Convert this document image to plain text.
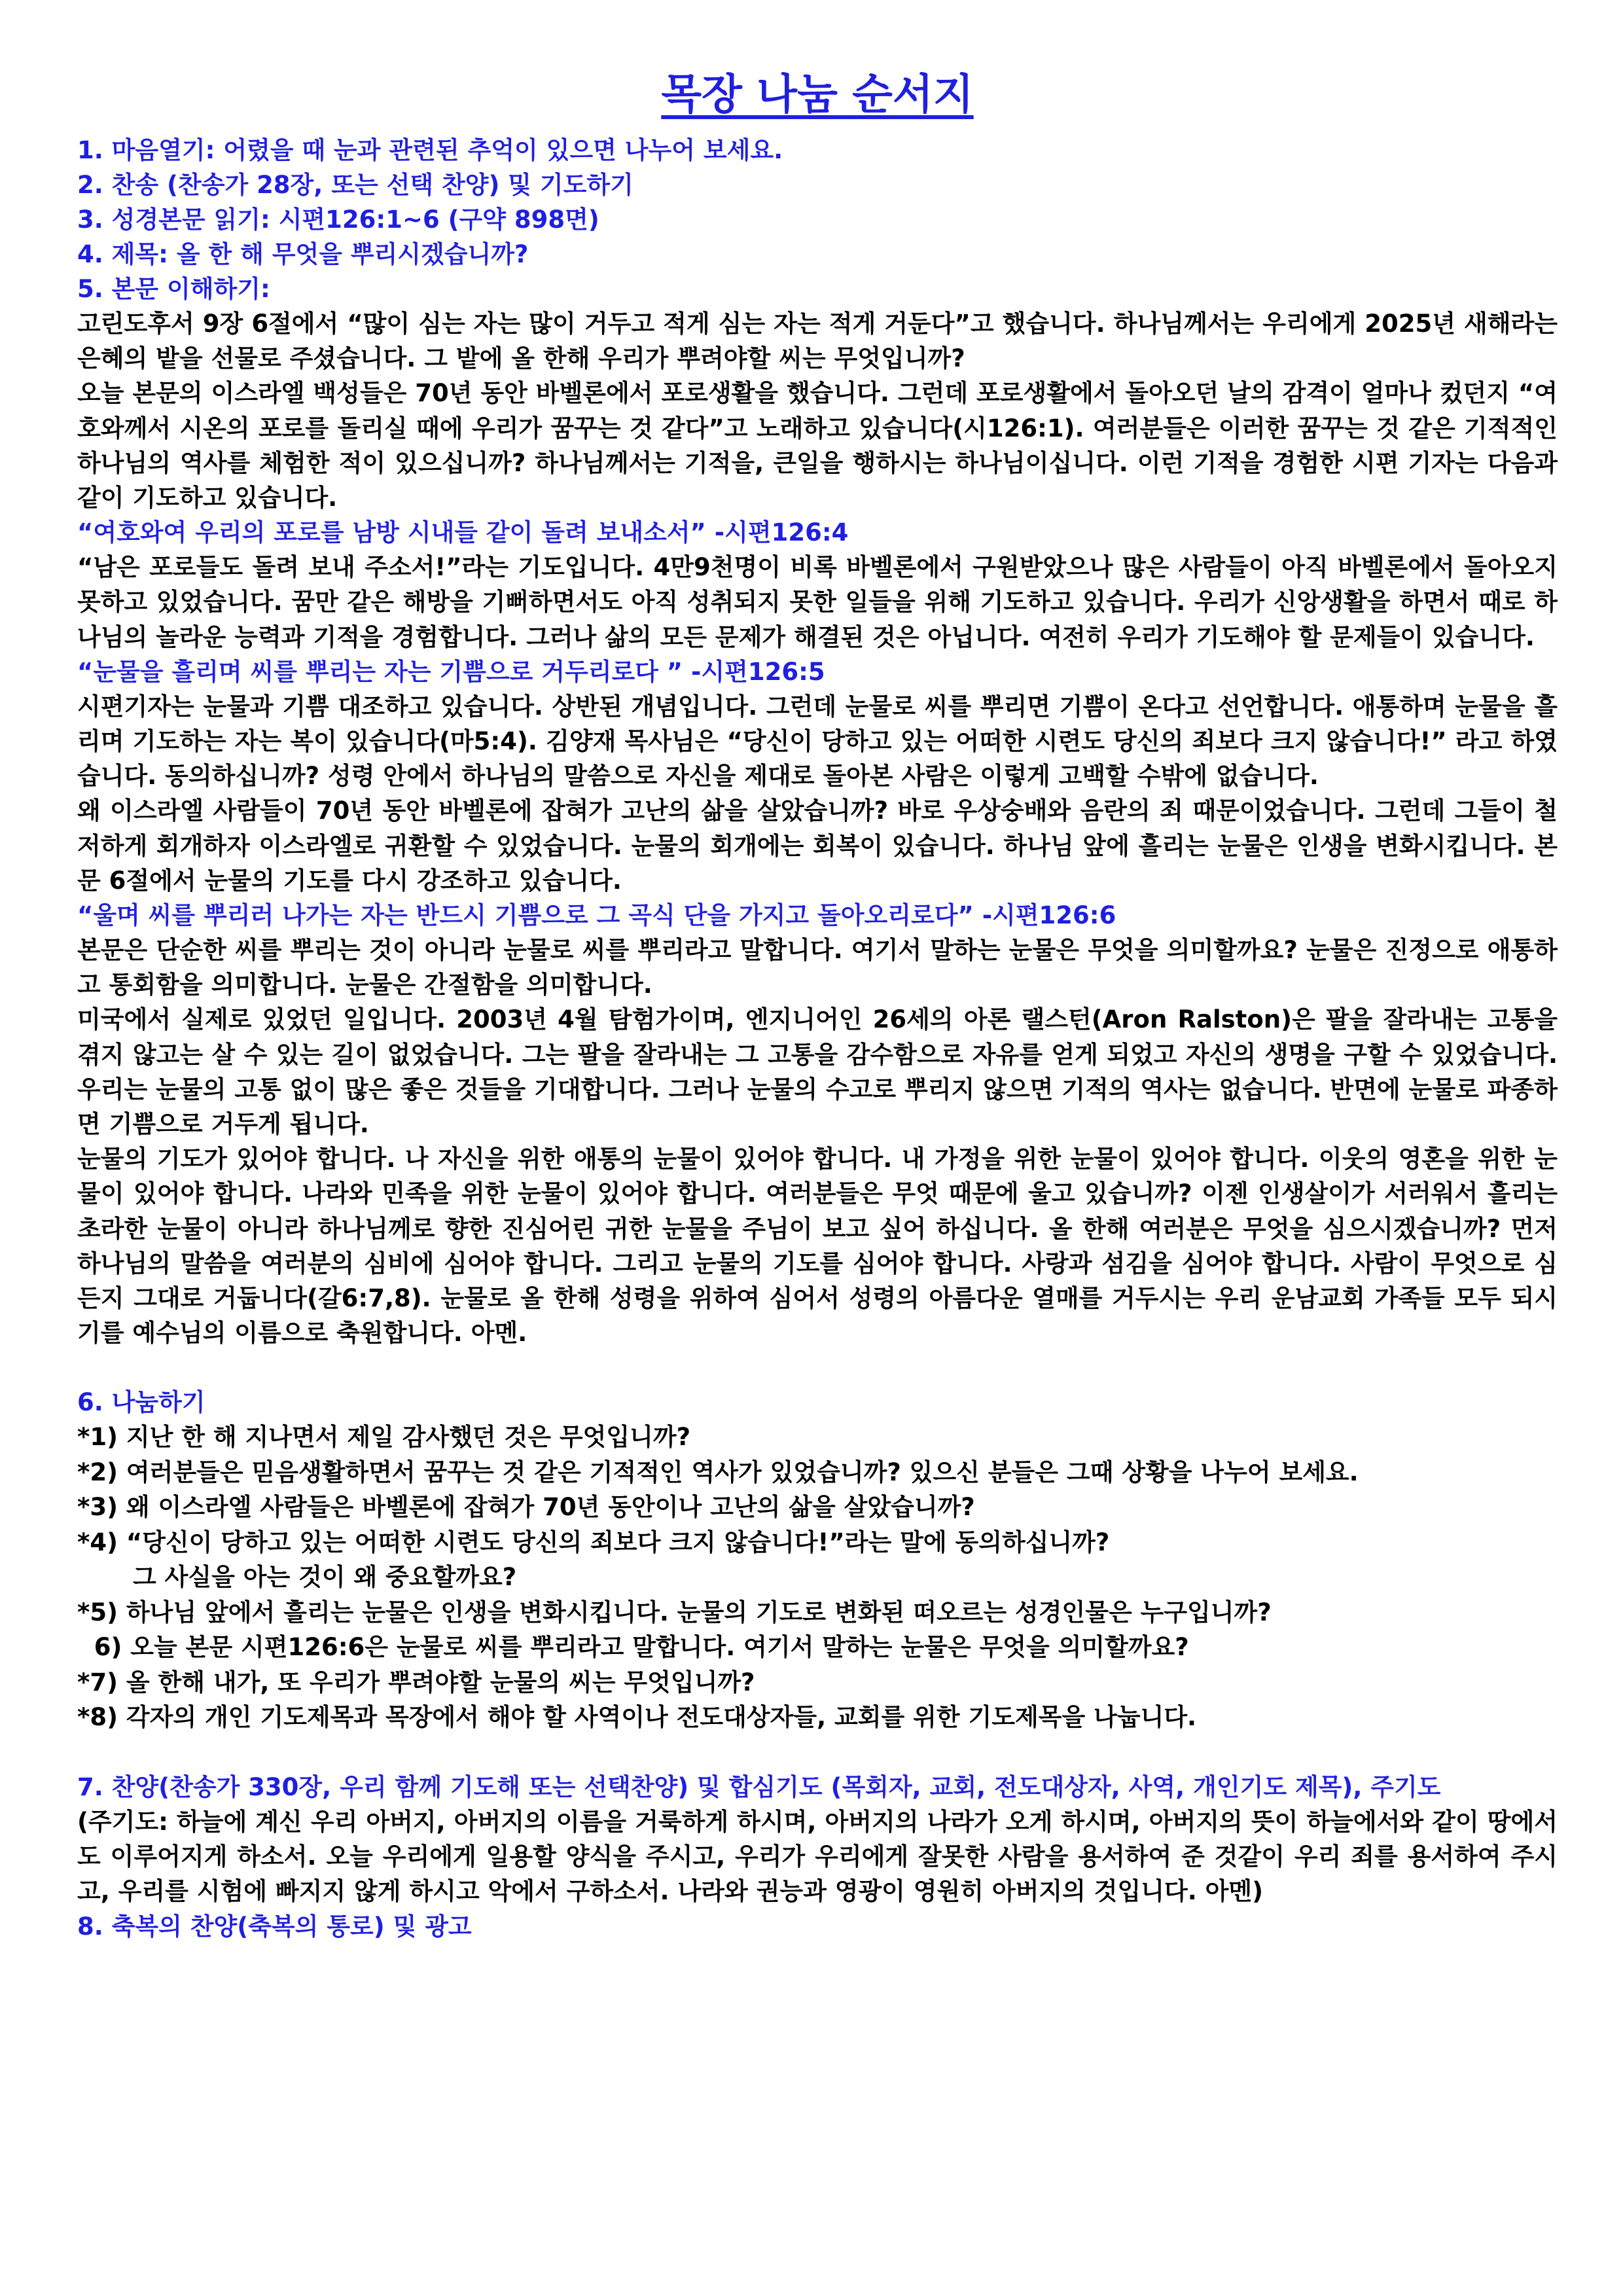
목장 나눔 순서지
1. 마음열기: 어렸을 때 눈과 관련된 추억이 있으면 나누어 보세요.
2. 찬송 (찬송가 28장, 또는 선택 찬양) 및 기도하기
3. 성경본문 읽기: 시편126:1~6 (구약 898면)
4. 제목: 올 한 해 무엇을 뿌리시겠습니까?
5. 본문 이해하기:

고린도후서 9장 6절에서 “많이 심는 자는 많이 거두고 적게 심는 자는 적게 거둔다”고 했습니다. 하나님께서는 우리에게 2025년 새해라는 은혜의 밭을 선물로 주셨습니다. 그 밭에 올 한해 우리가 뿌려야할 씨는 무엇입니까?

오늘 본문의 이스라엘 백성들은 70년 동안 바벨론에서 포로생활을 했습니다. 그런데 포로생활에서 돌아오던 날의 감격이 얼마나 컸던지 “여호와께서 시온의 포로를 돌리실 때에 우리가 꿈꾸는 것 같다”고 노래하고 있습니다(시126:1). 여러분들은 이러한 꿈꾸는 것 같은 기적적인 하나님의 역사를 체험한 적이 있으십니까? 하나님께서는 기적을, 큰일을 행하시는 하나님이십니다. 이런 기적을 경험한 시편 기자는 다음과 같이 기도하고 있습니다.

“여호와여 우리의 포로를 남방 시내들 같이 돌려 보내소서” -시편126:4

“남은 포로들도 돌려 보내 주소서!”라는 기도입니다. 4만9천명이 비록 바벨론에서 구원받았으나 많은 사람들이 아직 바벨론에서 돌아오지 못하고 있었습니다. 꿈만 같은 해방을 기뻐하면서도 아직 성취되지 못한 일들을 위해 기도하고 있습니다. 우리가 신앙생활을 하면서 때로 하나님의 놀라운 능력과 기적을 경험합니다. 그러나 삶의 모든 문제가 해결된 것은 아닙니다. 여전히 우리가 기도해야 할 문제들이 있습니다.

“눈물을 흘리며 씨를 뿌리는 자는 기쁨으로 거두리로다 ” -시편126:5

시편기자는 눈물과 기쁨 대조하고 있습니다. 상반된 개념입니다. 그런데 눈물로 씨를 뿌리면 기쁨이 온다고 선언합니다. 애통하며 눈물을 흘리며 기도하는 자는 복이 있습니다(마5:4). 김양재 목사님은 “당신이 당하고 있는 어떠한 시련도 당신의 죄보다 크지 않습니다!” 라고 하였습니다. 동의하십니까? 성령 안에서 하나님의 말씀으로 자신을 제대로 돌아본 사람은 이렇게 고백할 수밖에 없습니다.

왜 이스라엘 사람들이 70년 동안 바벨론에 잡혀가 고난의 삶을 살았습니까? 바로 우상숭배와 음란의 죄 때문이었습니다. 그런데 그들이 철저하게 회개하자 이스라엘로 귀환할 수 있었습니다. 눈물의 회개에는 회복이 있습니다. 하나님 앞에 흘리는 눈물은 인생을 변화시킵니다. 본문 6절에서 눈물의 기도를 다시 강조하고 있습니다.

“울며 씨를 뿌리러 나가는 자는 반드시 기쁨으로 그 곡식 단을 가지고 돌아오리로다” -시편126:6

본문은 단순한 씨를 뿌리는 것이 아니라 눈물로 씨를 뿌리라고 말합니다. 여기서 말하는 눈물은 무엇을 의미할까요? 눈물은 진정으로 애통하고 통회함을 의미합니다. 눈물은 간절함을 의미합니다.

미국에서 실제로 있었던 일입니다. 2003년 4월 탐험가이며, 엔지니어인 26세의 아론 랠스턴(Aron Ralston)은 팔을 잘라내는 고통을 겪지 않고는 살 수 있는 길이 없었습니다. 그는 팔을 잘라내는 그 고통을 감수함으로 자유를 얻게 되었고 자신의 생명을 구할 수 있었습니다. 우리는 눈물의 고통 없이 많은 좋은 것들을 기대합니다. 그러나 눈물의 수고로 뿌리지 않으면 기적의 역사는 없습니다. 반면에 눈물로 파종하면 기쁨으로 거두게 됩니다.

눈물의 기도가 있어야 합니다. 나 자신을 위한 애통의 눈물이 있어야 합니다. 내 가정을 위한 눈물이 있어야 합니다. 이웃의 영혼을 위한 눈물이 있어야 합니다. 나라와 민족을 위한 눈물이 있어야 합니다. 여러분들은 무엇 때문에 울고 있습니까? 이젠 인생살이가 서러워서 흘리는 초라한 눈물이 아니라 하나님께로 향한 진심어린 귀한 눈물을 주님이 보고 싶어 하십니다. 올 한해 여러분은 무엇을 심으시겠습니까? 먼저 하나님의 말씀을 여러분의 심비에 심어야 합니다. 그리고 눈물의 기도를 심어야 합니다. 사랑과 섬김을 심어야 합니다. 사람이 무엇으로 심든지 그대로 거둡니다(갈6:7,8). 눈물로 올 한해 성령을 위하여 심어서 성령의 아름다운 열매를 거두시는 우리 운남교회 가족들 모두 되시기를 예수님의 이름으로 축원합니다. 아멘.

6. 나눔하기
*1) 지난 한 해 지나면서 제일 감사했던 것은 무엇입니까?
*2) 여러분들은 믿음생활하면서 꿈꾸는 것 같은 기적적인 역사가 있었습니까? 있으신 분들은 그때 상황을 나누어 보세요.
*3) 왜 이스라엘 사람들은 바벨론에 잡혀가 70년 동안이나 고난의 삶을 살았습니까?
*4) “당신이 당하고 있는 어떠한 시련도 당신의 죄보다 크지 않습니다!”라는 말에 동의하십니까?
그 사실을 아는 것이 왜 중요할까요?
*5) 하나님 앞에서 흘리는 눈물은 인생을 변화시킵니다. 눈물의 기도로 변화된 떠오르는 성경인물은 누구입니까?
6) 오늘 본문 시편126:6은 눈물로 씨를 뿌리라고 말합니다. 여기서 말하는 눈물은 무엇을 의미할까요?
*7) 올 한해 내가, 또 우리가 뿌려야할 눈물의 씨는 무엇입니까?
*8) 각자의 개인 기도제목과 목장에서 해야 할 사역이나 전도대상자들, 교회를 위한 기도제목을 나눕니다.
7. 찬양(찬송가 330장, 우리 함께 기도해 또는 선택찬양) 및 합심기도 (목회자, 교회, 전도대상자, 사역, 개인기도 제목), 주기도

(주기도: 하늘에 계신 우리 아버지, 아버지의 이름을 거룩하게 하시며, 아버지의 나라가 오게 하시며, 아버지의 뜻이 하늘에서와 같이 땅에서도 이루어지게 하소서. 오늘 우리에게 일용할 양식을 주시고, 우리가 우리에게 잘못한 사람을 용서하여 준 것같이 우리 죄를 용서하여 주시고, 우리를 시험에 빠지지 않게 하시고 악에서 구하소서. 나라와 권능과 영광이 영원히 아버지의 것입니다. 아멘)

8. 축복의 찬양(축복의 통로) 및 광고
